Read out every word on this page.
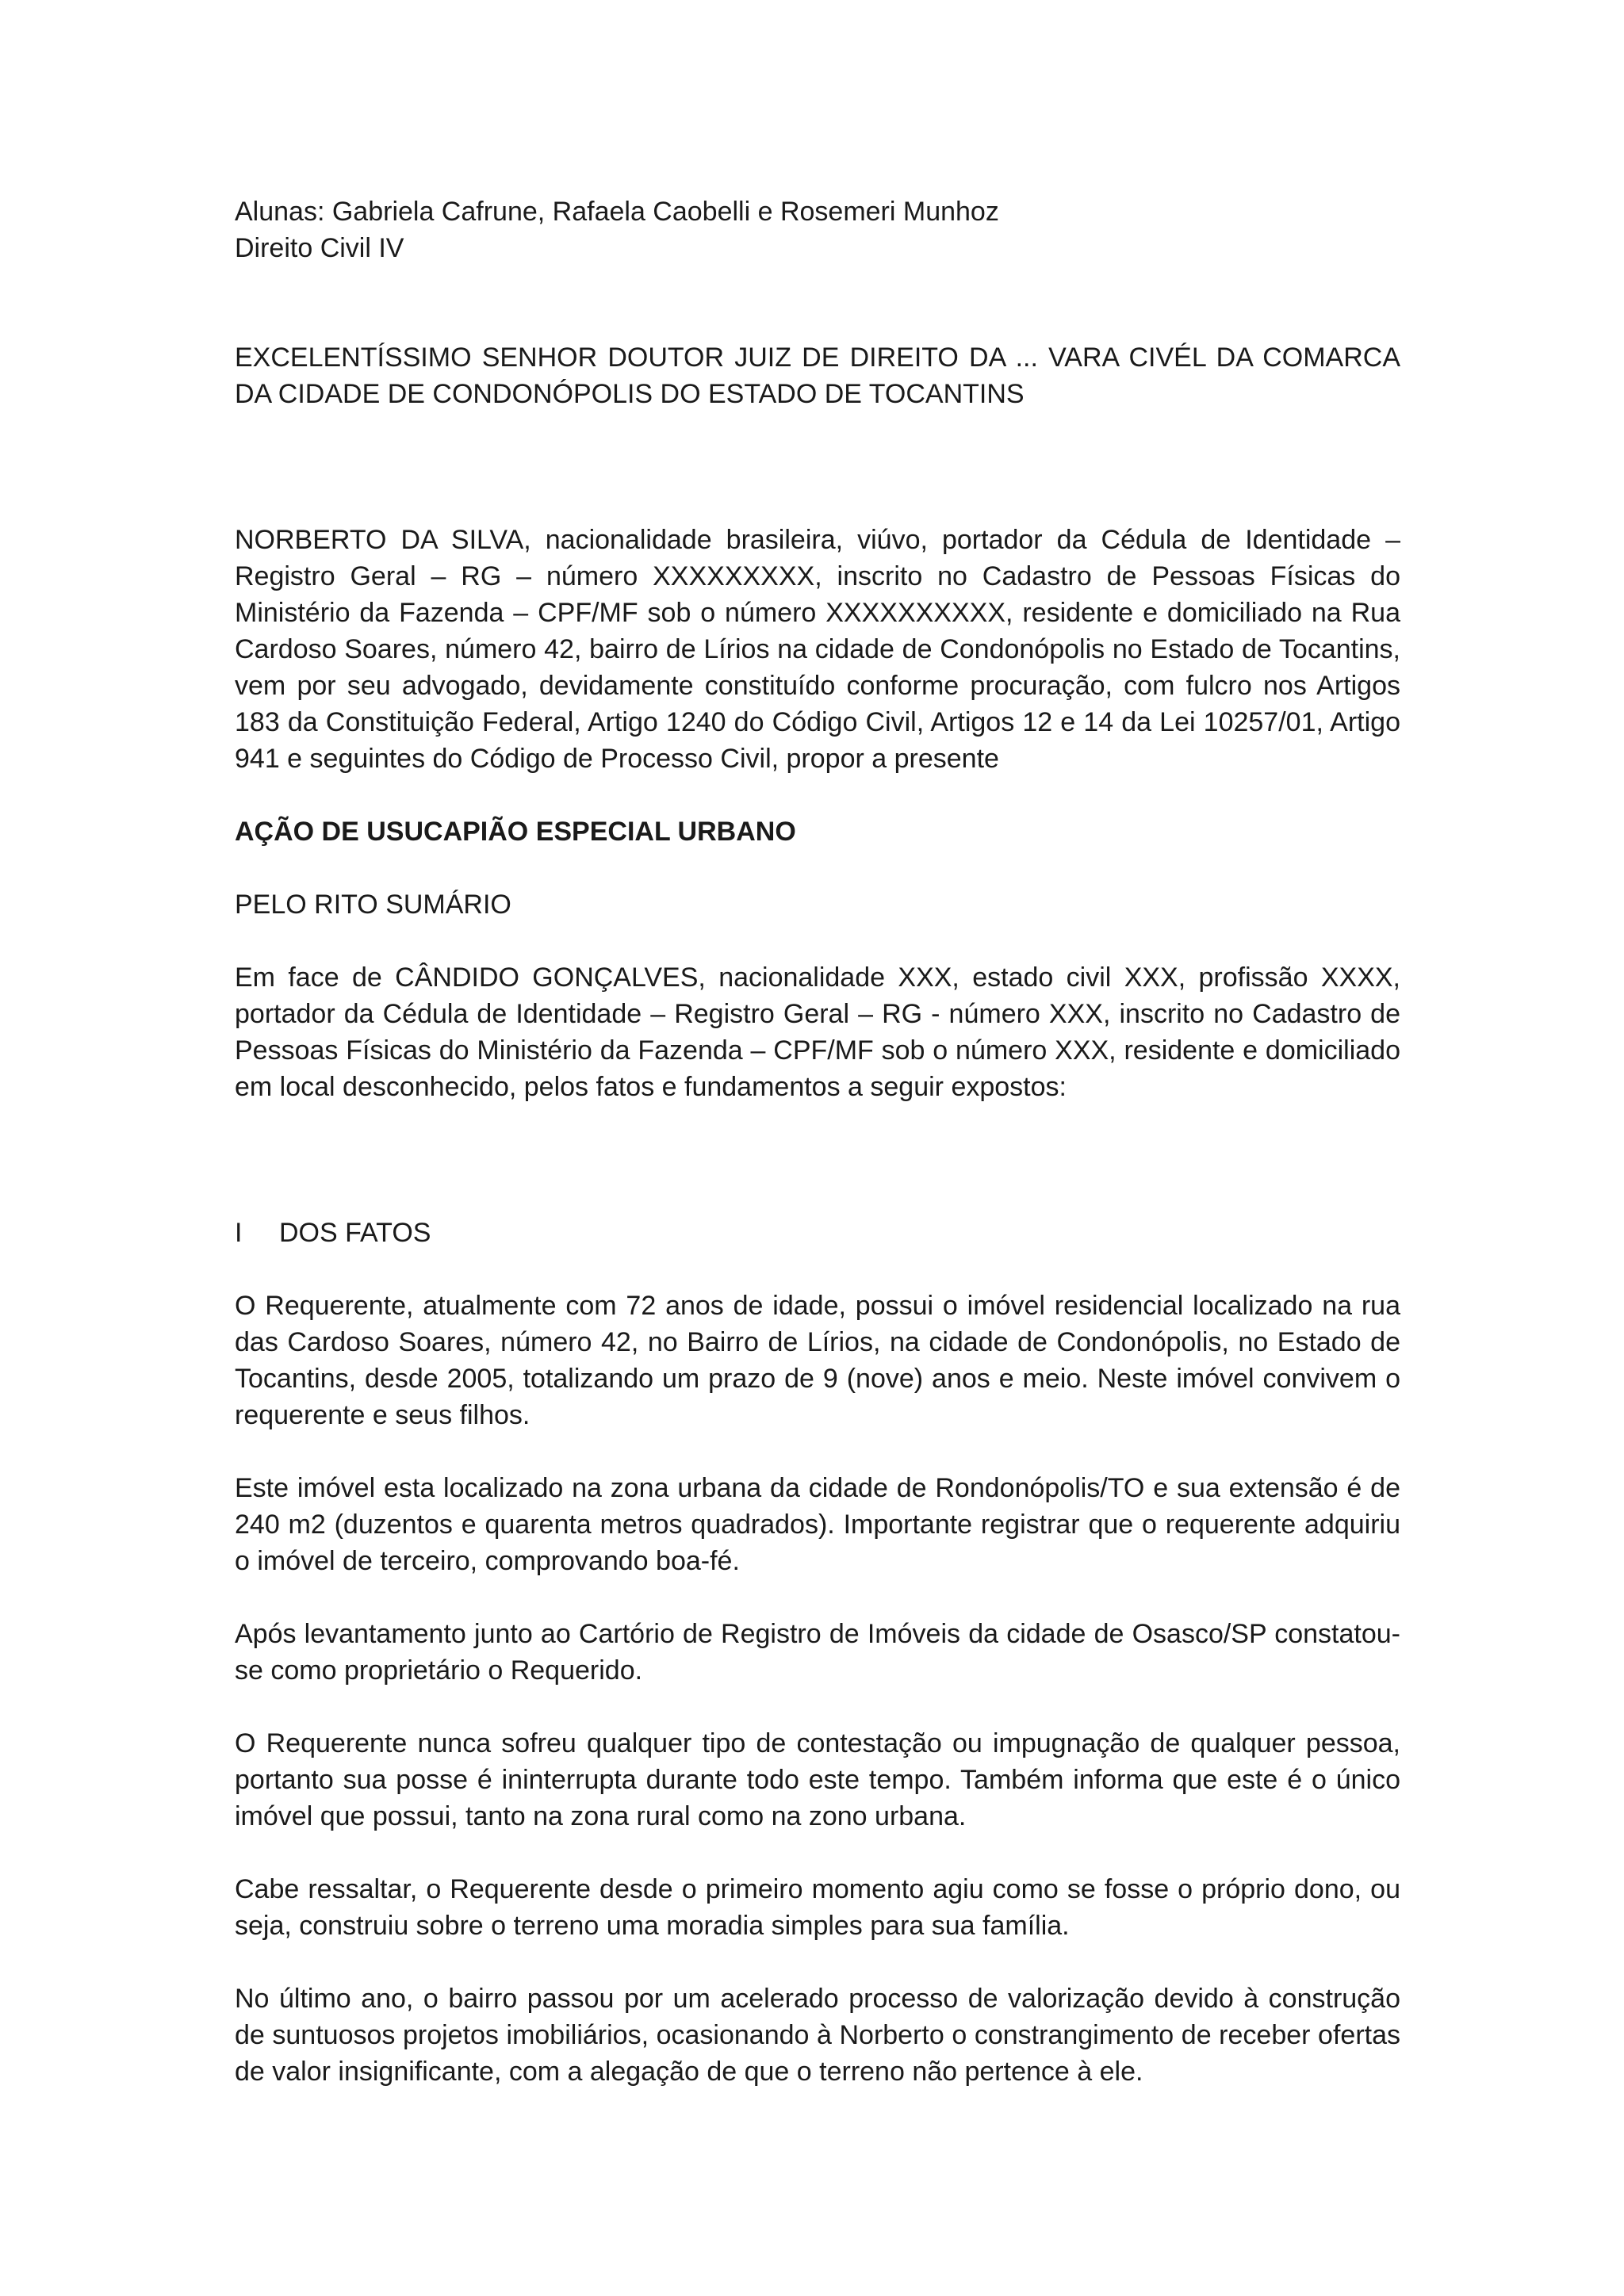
Alunas: Gabriela Cafrune, Rafaela Caobelli e Rosemeri Munhoz

Direito Civil IV

EXCELENTÍSSIMO SENHOR DOUTOR JUIZ DE DIREITO DA ... VARA CIVÉL DA COMARCA DA CIDADE DE CONDONÓPOLIS DO ESTADO DE TOCANTINS

NORBERTO DA SILVA, nacionalidade brasileira, viúvo, portador da Cédula de Identidade – Registro Geral – RG – número XXXXXXXXX, inscrito no Cadastro de Pessoas Físicas do Ministério da Fazenda – CPF/MF sob o número XXXXXXXXXX, residente e domiciliado na Rua Cardoso Soares, número 42, bairro de Lírios na cidade de Condonópolis no Estado de Tocantins, vem por seu advogado, devidamente constituído conforme procuração, com fulcro nos Artigos 183 da Constituição Federal, Artigo 1240 do Código Civil, Artigos 12 e 14 da Lei 10257/01, Artigo 941 e seguintes do Código de Processo Civil, propor a presente

AÇÃO DE USUCAPIÃO ESPECIAL URBANO

PELO RITO SUMÁRIO

Em face de CÂNDIDO GONÇALVES, nacionalidade XXX, estado civil XXX, profissão XXXX, portador da Cédula de Identidade – Registro Geral – RG - número XXX, inscrito no Cadastro de Pessoas Físicas do Ministério da Fazenda – CPF/MF sob o número XXX, residente e domiciliado em local desconhecido, pelos fatos e fundamentos a seguir expostos:

I DOS FATOS

O Requerente, atualmente com 72 anos de idade, possui o imóvel residencial localizado na rua das Cardoso Soares, número 42, no Bairro de Lírios, na cidade de Condonópolis, no Estado de Tocantins, desde 2005, totalizando um prazo de 9 (nove) anos e meio. Neste imóvel convivem o requerente e seus filhos.

Este imóvel esta localizado na zona urbana da cidade de Rondonópolis/TO e sua extensão é de 240 m2 (duzentos e quarenta metros quadrados). Importante registrar que o requerente adquiriu o imóvel de terceiro, comprovando boa-fé.

Após levantamento junto ao Cartório de Registro de Imóveis da cidade de Osasco/SP constatou-se como proprietário o Requerido.

O Requerente nunca sofreu qualquer tipo de contestação ou impugnação de qualquer pessoa, portanto sua posse é ininterrupta durante todo este tempo. Também informa que este é o único imóvel que possui, tanto na zona rural como na zono urbana.

Cabe ressaltar, o Requerente desde o primeiro momento agiu como se fosse o próprio dono, ou seja, construiu sobre o terreno uma moradia simples para sua família.

No último ano, o bairro passou por um acelerado processo de valorização devido à construção de suntuosos projetos imobiliários, ocasionando à Norberto o constrangimento de receber ofertas de valor insignificante, com a alegação de que o terreno não pertence à ele.
